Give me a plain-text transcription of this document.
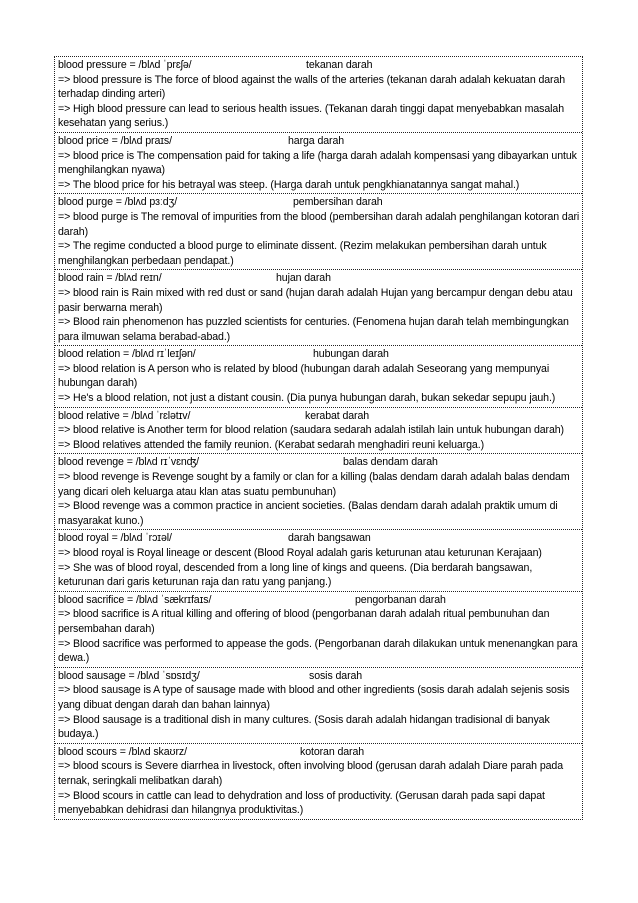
blood pressure = /blʌd ˈprɛʃə/	tekanan darah
=> blood pressure is The force of blood against the walls of the arteries (tekanan darah adalah kekuatan darah terhadap dinding arteri)
=> High blood pressure can lead to serious health issues. (Tekanan darah tinggi dapat menyebabkan masalah kesehatan yang serius.)
blood price = /blʌd praɪs/	harga darah
=> blood price is The compensation paid for taking a life (harga darah adalah kompensasi yang dibayarkan untuk menghilangkan nyawa)
=> The blood price for his betrayal was steep. (Harga darah untuk pengkhianatannya sangat mahal.)
blood purge = /blʌd pɜːdʒ/	pembersihan darah
=> blood purge is The removal of impurities from the blood (pembersihan darah adalah penghilangan kotoran dari darah)
=> The regime conducted a blood purge to eliminate dissent. (Rezim melakukan pembersihan darah untuk menghilangkan perbedaan pendapat.)
blood rain = /blʌd reɪn/	hujan darah
=> blood rain is Rain mixed with red dust or sand (hujan darah adalah Hujan yang bercampur dengan debu atau pasir berwarna merah)
=> Blood rain phenomenon has puzzled scientists for centuries. (Fenomena hujan darah telah membingungkan para ilmuwan selama berabad-abad.)
blood relation = /blʌd rɪˈleɪʃən/	hubungan darah
=> blood relation is A person who is related by blood (hubungan darah adalah Seseorang yang mempunyai hubungan darah)
=> He's a blood relation, not just a distant cousin. (Dia punya hubungan darah, bukan sekedar sepupu jauh.)
blood relative = /blʌd ˈrɛlətɪv/	kerabat darah
=> blood relative is Another term for blood relation (saudara sedarah adalah istilah lain untuk hubungan darah)
=> Blood relatives attended the family reunion. (Kerabat sedarah menghadiri reuni keluarga.)
blood revenge = /blʌd rɪˈvɛnʤ/	balas dendam darah
=> blood revenge is Revenge sought by a family or clan for a killing (balas dendam darah adalah balas dendam yang dicari oleh keluarga atau klan atas suatu pembunuhan)
=> Blood revenge was a common practice in ancient societies. (Balas dendam darah adalah praktik umum di masyarakat kuno.)
blood royal = /blʌd ˈrɔɪəl/	darah bangsawan
=> blood royal is Royal lineage or descent (Blood Royal adalah garis keturunan atau keturunan Kerajaan)
=> She was of blood royal, descended from a long line of kings and queens. (Dia berdarah bangsawan, keturunan dari garis keturunan raja dan ratu yang panjang.)
blood sacrifice = /blʌd ˈsækrɪfaɪs/	pengorbanan darah
=> blood sacrifice is A ritual killing and offering of blood (pengorbanan darah adalah ritual pembunuhan dan persembahan darah)
=> Blood sacrifice was performed to appease the gods. (Pengorbanan darah dilakukan untuk menenangkan para dewa.)
blood sausage = /blʌd ˈsɒsɪdʒ/	sosis darah
=> blood sausage is A type of sausage made with blood and other ingredients (sosis darah adalah sejenis sosis yang dibuat dengan darah dan bahan lainnya)
=> Blood sausage is a traditional dish in many cultures. (Sosis darah adalah hidangan tradisional di banyak budaya.)
blood scours = /blʌd skaʊrz/	kotoran darah
=> blood scours is Severe diarrhea in livestock, often involving blood (gerusan darah adalah Diare parah pada ternak, seringkali melibatkan darah)
=> Blood scours in cattle can lead to dehydration and loss of productivity. (Gerusan darah pada sapi dapat menyebabkan dehidrasi dan hilangnya produktivitas.)
